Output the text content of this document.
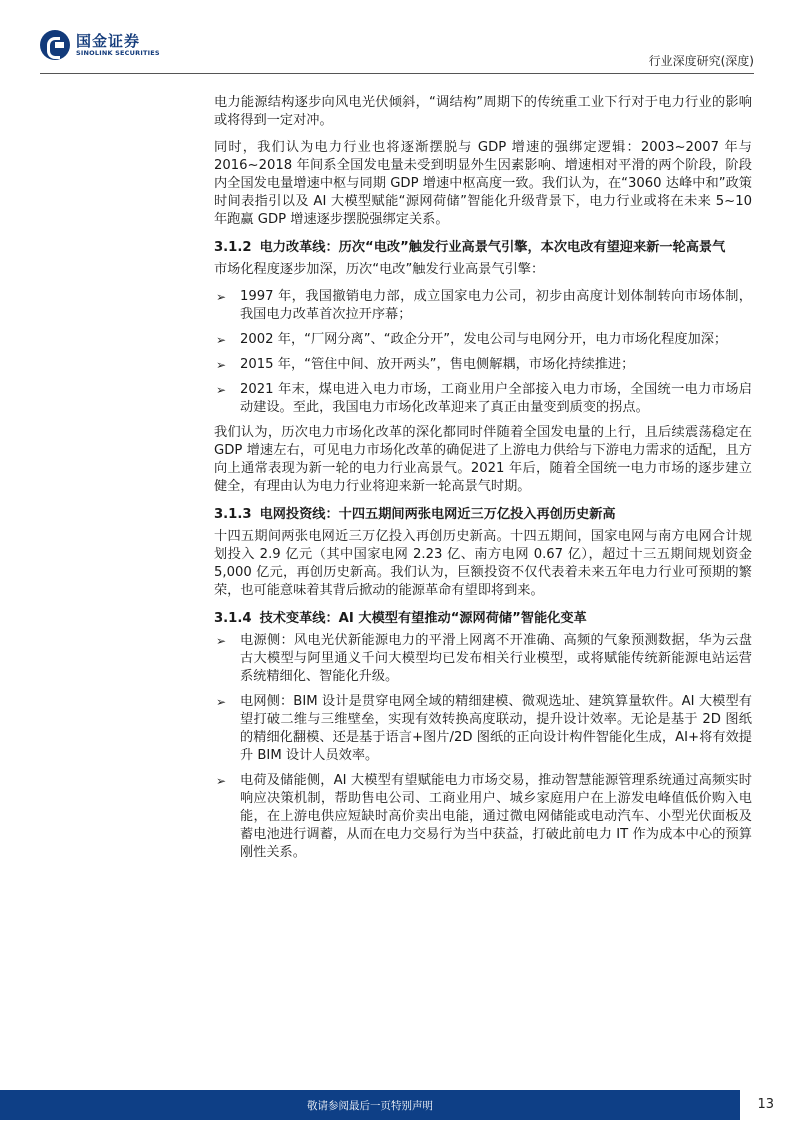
国金证券
SINOLINK SECURITIES
行业深度研究(深度)

电力能源结构逐步向风电光伏倾斜，“调结构”周期下的传统重工业下行对于电力行业的影响或将得到一定对冲。

同时，我们认为电力行业也将逐渐摆脱与 GDP 增速的强绑定逻辑：2003~2007 年与 2016~2018 年间系全国发电量未受到明显外生因素影响、增速相对平滑的两个阶段，阶段内全国发电量增速中枢与同期 GDP 增速中枢高度一致。我们认为，在“3060 达峰中和”政策时间表指引以及 AI 大模型赋能“源网荷储”智能化升级背景下，电力行业或将在未来 5~10 年跑赢 GDP 增速逐步摆脱强绑定关系。

3.1.2 电力改革线：历次“电改”触发行业高景气引擎，本次电改有望迎来新一轮高景气

市场化程度逐步加深，历次“电改”触发行业高景气引擎：

➢ 1997 年，我国撤销电力部，成立国家电力公司，初步由高度计划体制转向市场体制，我国电力改革首次拉开序幕；
➢ 2002 年，“厂网分离”、“政企分开”，发电公司与电网分开，电力市场化程度加深；
➢ 2015 年，“管住中间、放开两头”，售电侧解耦，市场化持续推进；
➢ 2021 年末，煤电进入电力市场，工商业用户全部接入电力市场，全国统一电力市场启动建设。至此，我国电力市场化改革迎来了真正由量变到质变的拐点。

我们认为，历次电力市场化改革的深化都同时伴随着全国发电量的上行，且后续震荡稳定在 GDP 增速左右，可见电力市场化改革的确促进了上游电力供给与下游电力需求的适配，且方向上通常表现为新一轮的电力行业高景气。2021 年后，随着全国统一电力市场的逐步建立健全，有理由认为电力行业将迎来新一轮高景气时期。

3.1.3 电网投资线：十四五期间两张电网近三万亿投入再创历史新高

十四五期间两张电网近三万亿投入再创历史新高。十四五期间，国家电网与南方电网合计规划投入 2.9 亿元（其中国家电网 2.23 亿、南方电网 0.67 亿），超过十三五期间规划资金 5,000 亿元，再创历史新高。我们认为，巨额投资不仅代表着未来五年电力行业可预期的繁荣，也可能意味着其背后掀动的能源革命有望即将到来。

3.1.4 技术变革线：AI 大模型有望推动“源网荷储”智能化变革
➢ 电源侧：风电光伏新能源电力的平滑上网离不开准确、高频的气象预测数据，华为云盘古大模型与阿里通义千问大模型均已发布相关行业模型，或将赋能传统新能源电站运营系统精细化、智能化升级。
➢ 电网侧：BIM 设计是贯穿电网全域的精细建模、微观选址、建筑算量软件。AI 大模型有望打破二维与三维壁垒，实现有效转换高度联动，提升设计效率。无论是基于 2D 图纸的精细化翻模、还是基于语言+图片/2D 图纸的正向设计构件智能化生成，AI+将有效提升 BIM 设计人员效率。
➢ 电荷及储能侧，AI 大模型有望赋能电力市场交易，推动智慧能源管理系统通过高频实时响应决策机制，帮助售电公司、工商业用户、城乡家庭用户在上游发电峰值低价购入电能，在上游电供应短缺时高价卖出电能，通过微电网储能或电动汽车、小型光伏面板及蓄电池进行调蓄，从而在电力交易行为当中获益，打破此前电力 IT 作为成本中心的预算刚性关系。
敬请参阅最后一页特别声明	13
